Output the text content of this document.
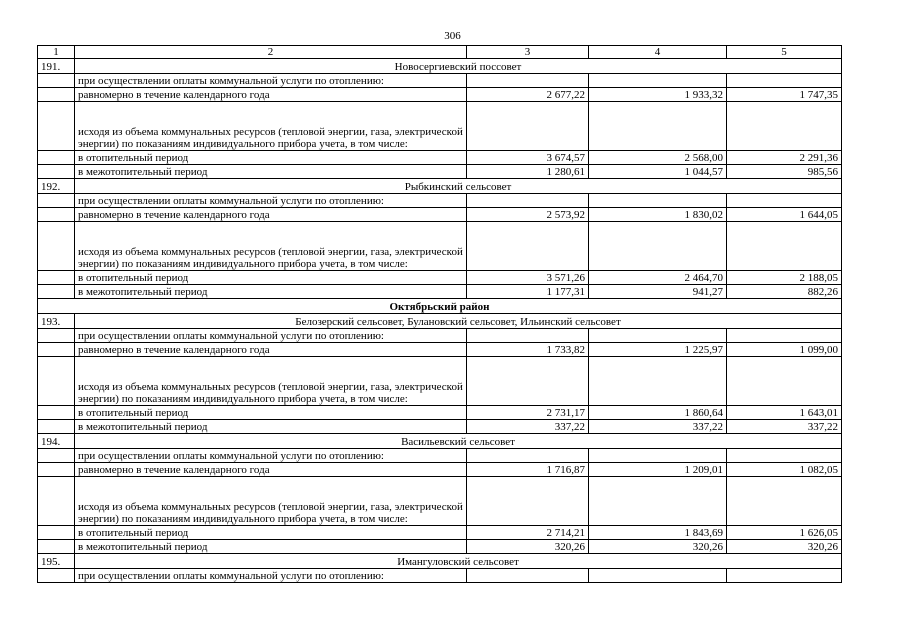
306
1	2	3	4	5
191.	Новосергиевский поссовет			
	при осуществлении оплаты коммунальной услуги по отоплению:			
	равномерно в течение календарного года	2 677,22	1 933,32	1 747,35
	исходя из объема коммунальных ресурсов (тепловой энергии, газа, электрической энергии) по показаниям индивидуального прибора учета, в том числе:			
	в отопительный период	3 674,57	2 568,00	2 291,36
	в межотопительный период	1 280,61	1 044,57	985,56
192.	Рыбкинский сельсовет			
	при осуществлении оплаты коммунальной услуги по отоплению:			
	равномерно в течение календарного года	2 573,92	1 830,02	1 644,05
	исходя из объема коммунальных ресурсов (тепловой энергии, газа, электрической энергии) по показаниям индивидуального прибора учета, в том числе:			
	в отопительный период	3 571,26	2 464,70	2 188,05
	в межотопительный период	1 177,31	941,27	882,26
Октябрьский район				
193.	Белозерский сельсовет, Булановский сельсовет, Ильинский сельсовет			
	при осуществлении оплаты коммунальной услуги по отоплению:			
	равномерно в течение календарного года	1 733,82	1 225,97	1 099,00
	исходя из объема коммунальных ресурсов (тепловой энергии, газа, электрической энергии) по показаниям индивидуального прибора учета, в том числе:			
	в отопительный период	2 731,17	1 860,64	1 643,01
	в межотопительный период	337,22	337,22	337,22
194.	Васильевский сельсовет			
	при осуществлении оплаты коммунальной услуги по отоплению:			
	равномерно в течение календарного года	1 716,87	1 209,01	1 082,05
	исходя из объема коммунальных ресурсов (тепловой энергии, газа, электрической энергии) по показаниям индивидуального прибора учета, в том числе:			
	в отопительный период	2 714,21	1 843,69	1 626,05
	в межотопительный период	320,26	320,26	320,26
195.	Имангуловский сельсовет			
	при осуществлении оплаты коммунальной услуги по отоплению:			
